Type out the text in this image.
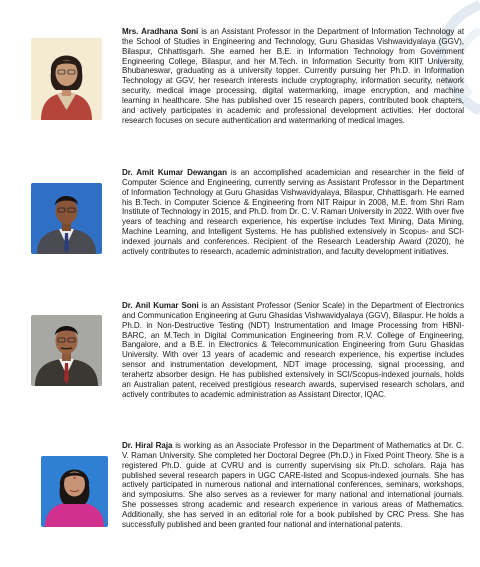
Mrs. Aradhana Soni is an Assistant Professor in the Department of Information Technology at the School of Studies in Engineering and Technology, Guru Ghasidas Vishwavidyalaya (GGV), Bilaspur, Chhattisgarh. She earned her B.E. in Information Technology from Government Engineering College, Bilaspur, and her M.Tech. in Information Security from KIIT University, Bhubaneswar, graduating as a university topper. Currently pursuing her Ph.D. in Information Technology at GGV, her research interests include cryptography, information security, network security, medical image processing, digital watermarking, image encryption, and machine learning in healthcare. She has published over 15 research papers, contributed book chapters, and actively participates in academic and professional development activities. Her doctoral research focuses on secure authentication and watermarking of medical images.
Dr. Amit Kumar Dewangan is an accomplished academician and researcher in the field of Computer Science and Engineering, currently serving as Assistant Professor in the Department of Information Technology at Guru Ghasidas Vishwavidyalaya, Bilaspur, Chhattisgarh. He earned his B.Tech. in Computer Science & Engineering from NIT Raipur in 2008, M.E. from Shri Ram Institute of Technology in 2015, and Ph.D. from Dr. C. V. Raman University in 2022. With over five years of teaching and research experience, his expertise includes Text Mining, Data Mining, Machine Learning, and Intelligent Systems. He has published extensively in Scopus- and SCI-indexed journals and conferences. Recipient of the Research Leadership Award (2020), he actively contributes to research, academic administration, and faculty development initiatives.
Dr. Anil Kumar Soni is an Assistant Professor (Senior Scale) in the Department of Electronics and Communication Engineering at Guru Ghasidas Vishwavidyalaya (GGV), Bilaspur. He holds a Ph.D. in Non-Destructive Testing (NDT) Instrumentation and Image Processing from HBNI-BARC, an M.Tech in Digital Communication Engineering from R.V. College of Engineering, Bangalore, and a B.E. in Electronics & Telecommunication Engineering from Guru Ghasidas University. With over 13 years of academic and research experience, his expertise includes sensor and instrumentation development, NDT image processing, signal processing, and terahertz absorber design. He has published extensively in SCI/Scopus-indexed journals, holds an Australian patent, received prestigious research awards, supervised research scholars, and actively contributes to academic administration as Assistant Director, IQAC.
Dr. Hiral Raja is working as an Associate Professor in the Department of Mathematics at Dr. C. V. Raman University. She completed her Doctoral Degree (Ph.D.) in Fixed Point Theory. She is a registered Ph.D. guide at CVRU and is currently supervising six Ph.D. scholars. Raja has published several research papers in UGC CARE-listed and Scopus-indexed journals. She has actively participated in numerous national and international conferences, seminars, workshops, and symposiums. She also serves as a reviewer for many national and international journals. She possesses strong academic and research experience in various areas of Mathematics. Additionally, she has served in an editorial role for a book published by CRC Press. She has successfully published and been granted four national and international patents.
